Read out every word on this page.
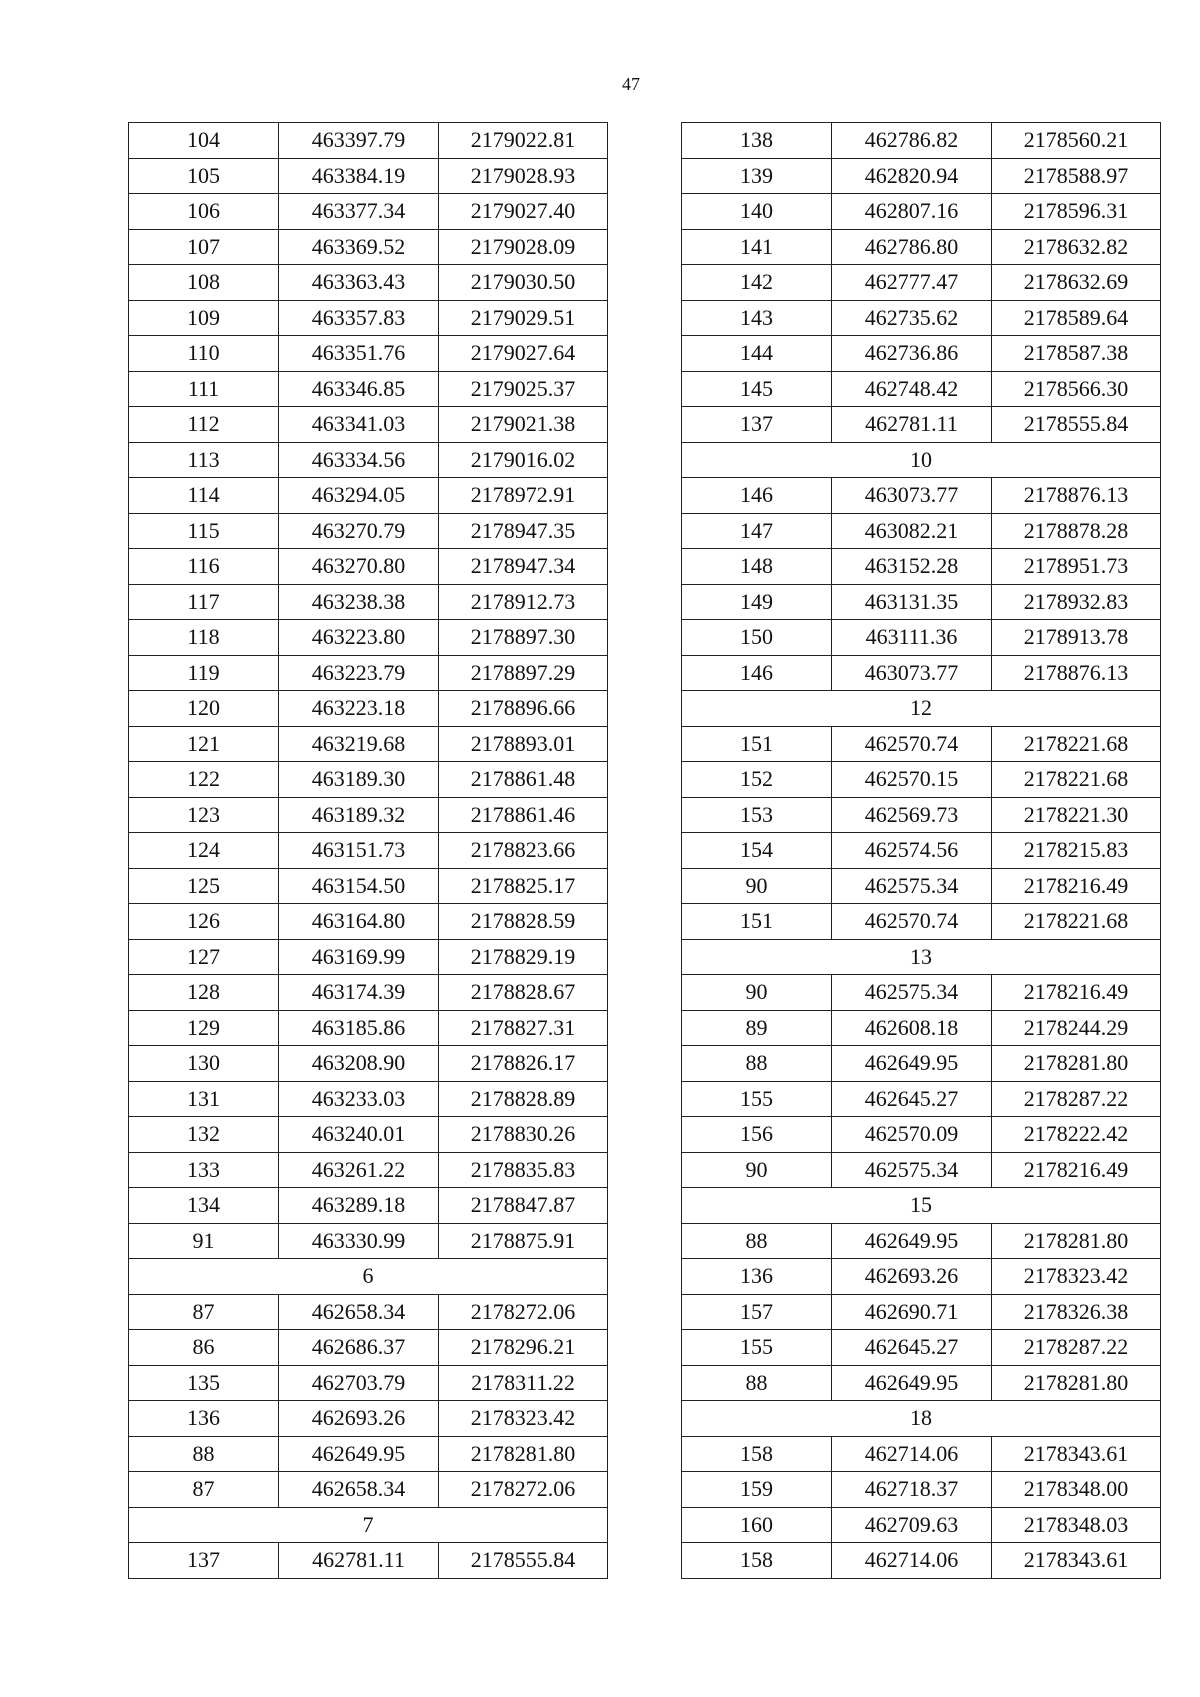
47
104	463397.79	2179022.81
105	463384.19	2179028.93
106	463377.34	2179027.40
107	463369.52	2179028.09
108	463363.43	2179030.50
109	463357.83	2179029.51
110	463351.76	2179027.64
111	463346.85	2179025.37
112	463341.03	2179021.38
113	463334.56	2179016.02
114	463294.05	2178972.91
115	463270.79	2178947.35
116	463270.80	2178947.34
117	463238.38	2178912.73
118	463223.80	2178897.30
119	463223.79	2178897.29
120	463223.18	2178896.66
121	463219.68	2178893.01
122	463189.30	2178861.48
123	463189.32	2178861.46
124	463151.73	2178823.66
125	463154.50	2178825.17
126	463164.80	2178828.59
127	463169.99	2178829.19
128	463174.39	2178828.67
129	463185.86	2178827.31
130	463208.90	2178826.17
131	463233.03	2178828.89
132	463240.01	2178830.26
133	463261.22	2178835.83
134	463289.18	2178847.87
91	463330.99	2178875.91
6		
87	462658.34	2178272.06
86	462686.37	2178296.21
135	462703.79	2178311.22
136	462693.26	2178323.42
88	462649.95	2178281.80
87	462658.34	2178272.06
7		
137	462781.11	2178555.84
138	462786.82	2178560.21
139	462820.94	2178588.97
140	462807.16	2178596.31
141	462786.80	2178632.82
142	462777.47	2178632.69
143	462735.62	2178589.64
144	462736.86	2178587.38
145	462748.42	2178566.30
137	462781.11	2178555.84
10		
146	463073.77	2178876.13
147	463082.21	2178878.28
148	463152.28	2178951.73
149	463131.35	2178932.83
150	463111.36	2178913.78
146	463073.77	2178876.13
12		
151	462570.74	2178221.68
152	462570.15	2178221.68
153	462569.73	2178221.30
154	462574.56	2178215.83
90	462575.34	2178216.49
151	462570.74	2178221.68
13		
90	462575.34	2178216.49
89	462608.18	2178244.29
88	462649.95	2178281.80
155	462645.27	2178287.22
156	462570.09	2178222.42
90	462575.34	2178216.49
15		
88	462649.95	2178281.80
136	462693.26	2178323.42
157	462690.71	2178326.38
155	462645.27	2178287.22
88	462649.95	2178281.80
18		
158	462714.06	2178343.61
159	462718.37	2178348.00
160	462709.63	2178348.03
158	462714.06	2178343.61
